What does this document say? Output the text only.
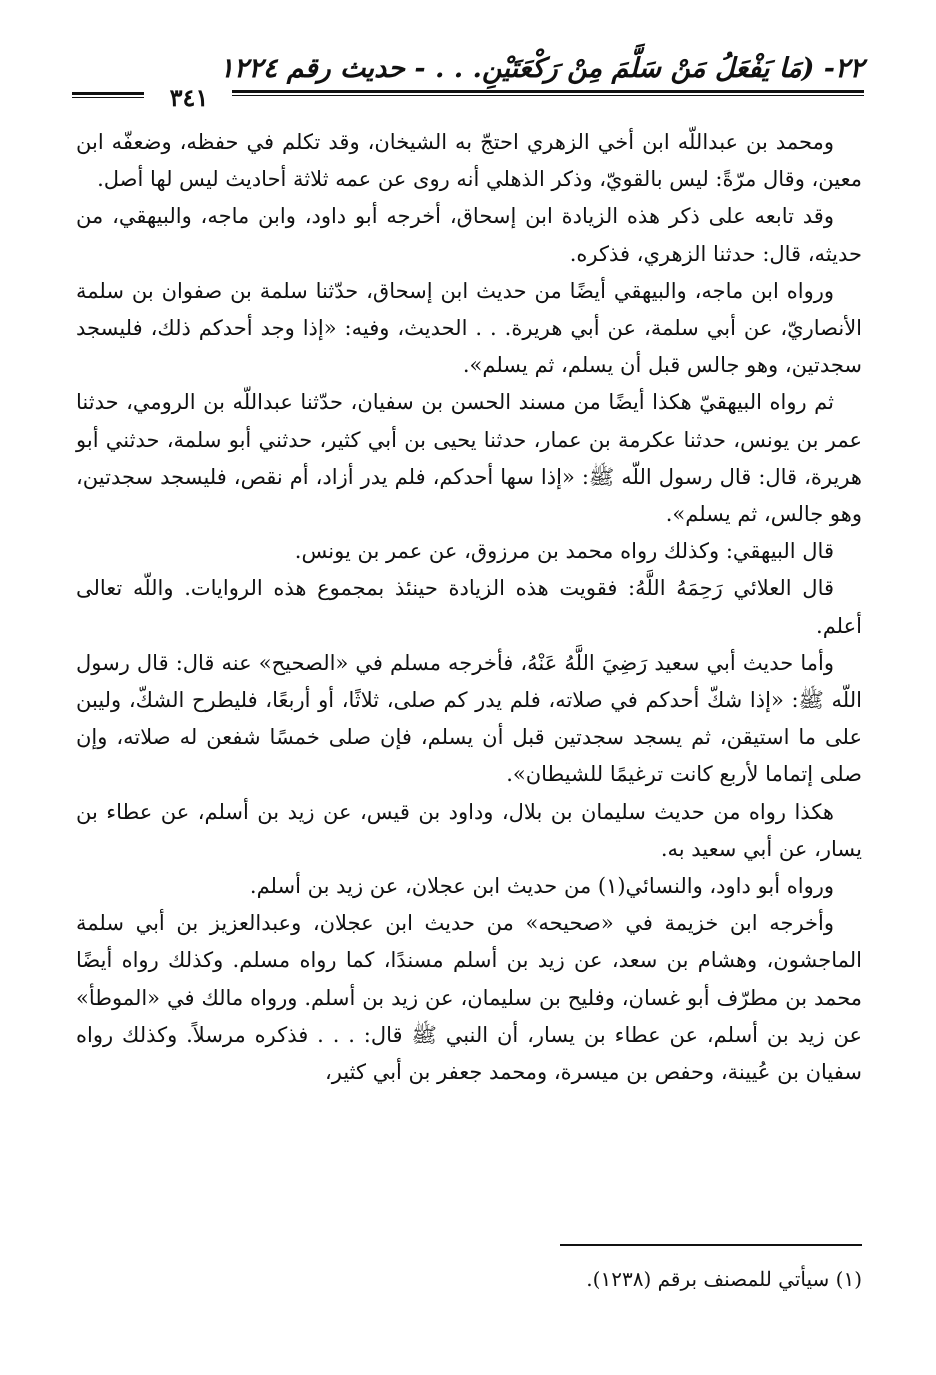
٢٢- (مَا يَفْعَلُ مَنْ سَلَّمَ مِنْ رَكْعَتَيْنِ. . . - حديث رقم ١٢٢٤
٣٤١

ومحمد بن عبداللّه ابن أخي الزهري احتجّ به الشيخان، وقد تكلم في حفظه، وضعفّه ابن معين، وقال مرّةً: ليس بالقويّ، وذكر الذهلي أنه روى عن عمه ثلاثة أحاديث ليس لها أصل.

وقد تابعه على ذكر هذه الزيادة ابن إسحاق، أخرجه أبو داود، وابن ماجه، والبيهقي، من حديثه، قال: حدثنا الزهري، فذكره.

ورواه ابن ماجه، والبيهقي أيضًا من حديث ابن إسحاق، حدّثنا سلمة بن صفوان بن سلمة الأنصاريّ، عن أبي سلمة، عن أبي هريرة. . . الحديث، وفيه: «إذا وجد أحدكم ذلك، فليسجد سجدتين، وهو جالس قبل أن يسلم، ثم يسلم».

ثم رواه البيهقيّ هكذا أيضًا من مسند الحسن بن سفيان، حدّثنا عبداللّه بن الرومي، حدثنا عمر بن يونس، حدثنا عكرمة بن عمار، حدثنا يحيى بن أبي كثير، حدثني أبو سلمة، حدثني أبو هريرة، قال: قال رسول اللّه ﷺ: «إذا سها أحدكم، فلم يدر أزاد، أم نقص، فليسجد سجدتين، وهو جالس، ثم يسلم».

قال البيهقي: وكذلك رواه محمد بن مرزوق، عن عمر بن يونس.

قال العلائي رَحِمَهُ اللَّهُ: فقويت هذه الزيادة حينئذ بمجموع هذه الروايات. واللّه تعالى أعلم.

وأما حديث أبي سعيد رَضِيَ اللَّهُ عَنْهُ، فأخرجه مسلم في «الصحيح» عنه قال: قال رسول اللّه ﷺ: «إذا شكّ أحدكم في صلاته، فلم يدر كم صلى، ثلاثًا، أو أربعًا، فليطرح الشكّ، وليبن على ما استيقن، ثم يسجد سجدتين قبل أن يسلم، فإن صلى خمسًا شفعن له صلاته، وإن صلى إتماما لأربع كانت ترغيمًا للشيطان».

هكذا رواه من حديث سليمان بن بلال، وداود بن قيس، عن زيد بن أسلم، عن عطاء بن يسار، عن أبي سعيد به.

ورواه أبو داود، والنسائي(١) من حديث ابن عجلان، عن زيد بن أسلم.

وأخرجه ابن خزيمة في «صحيحه» من حديث ابن عجلان، وعبدالعزيز بن أبي سلمة الماجشون، وهشام بن سعد، عن زيد بن أسلم مسندًا، كما رواه مسلم. وكذلك رواه أيضًا محمد بن مطرّف أبو غسان، وفليح بن سليمان، عن زيد بن أسلم. ورواه مالك في «الموطأ» عن زيد بن أسلم، عن عطاء بن يسار، أن النبي ﷺ قال: . . . فذكره مرسلاً. وكذلك رواه سفيان بن عُيينة، وحفص بن ميسرة، ومحمد جعفر بن أبي كثير،

(١) سيأتي للمصنف برقم (١٢٣٨).
